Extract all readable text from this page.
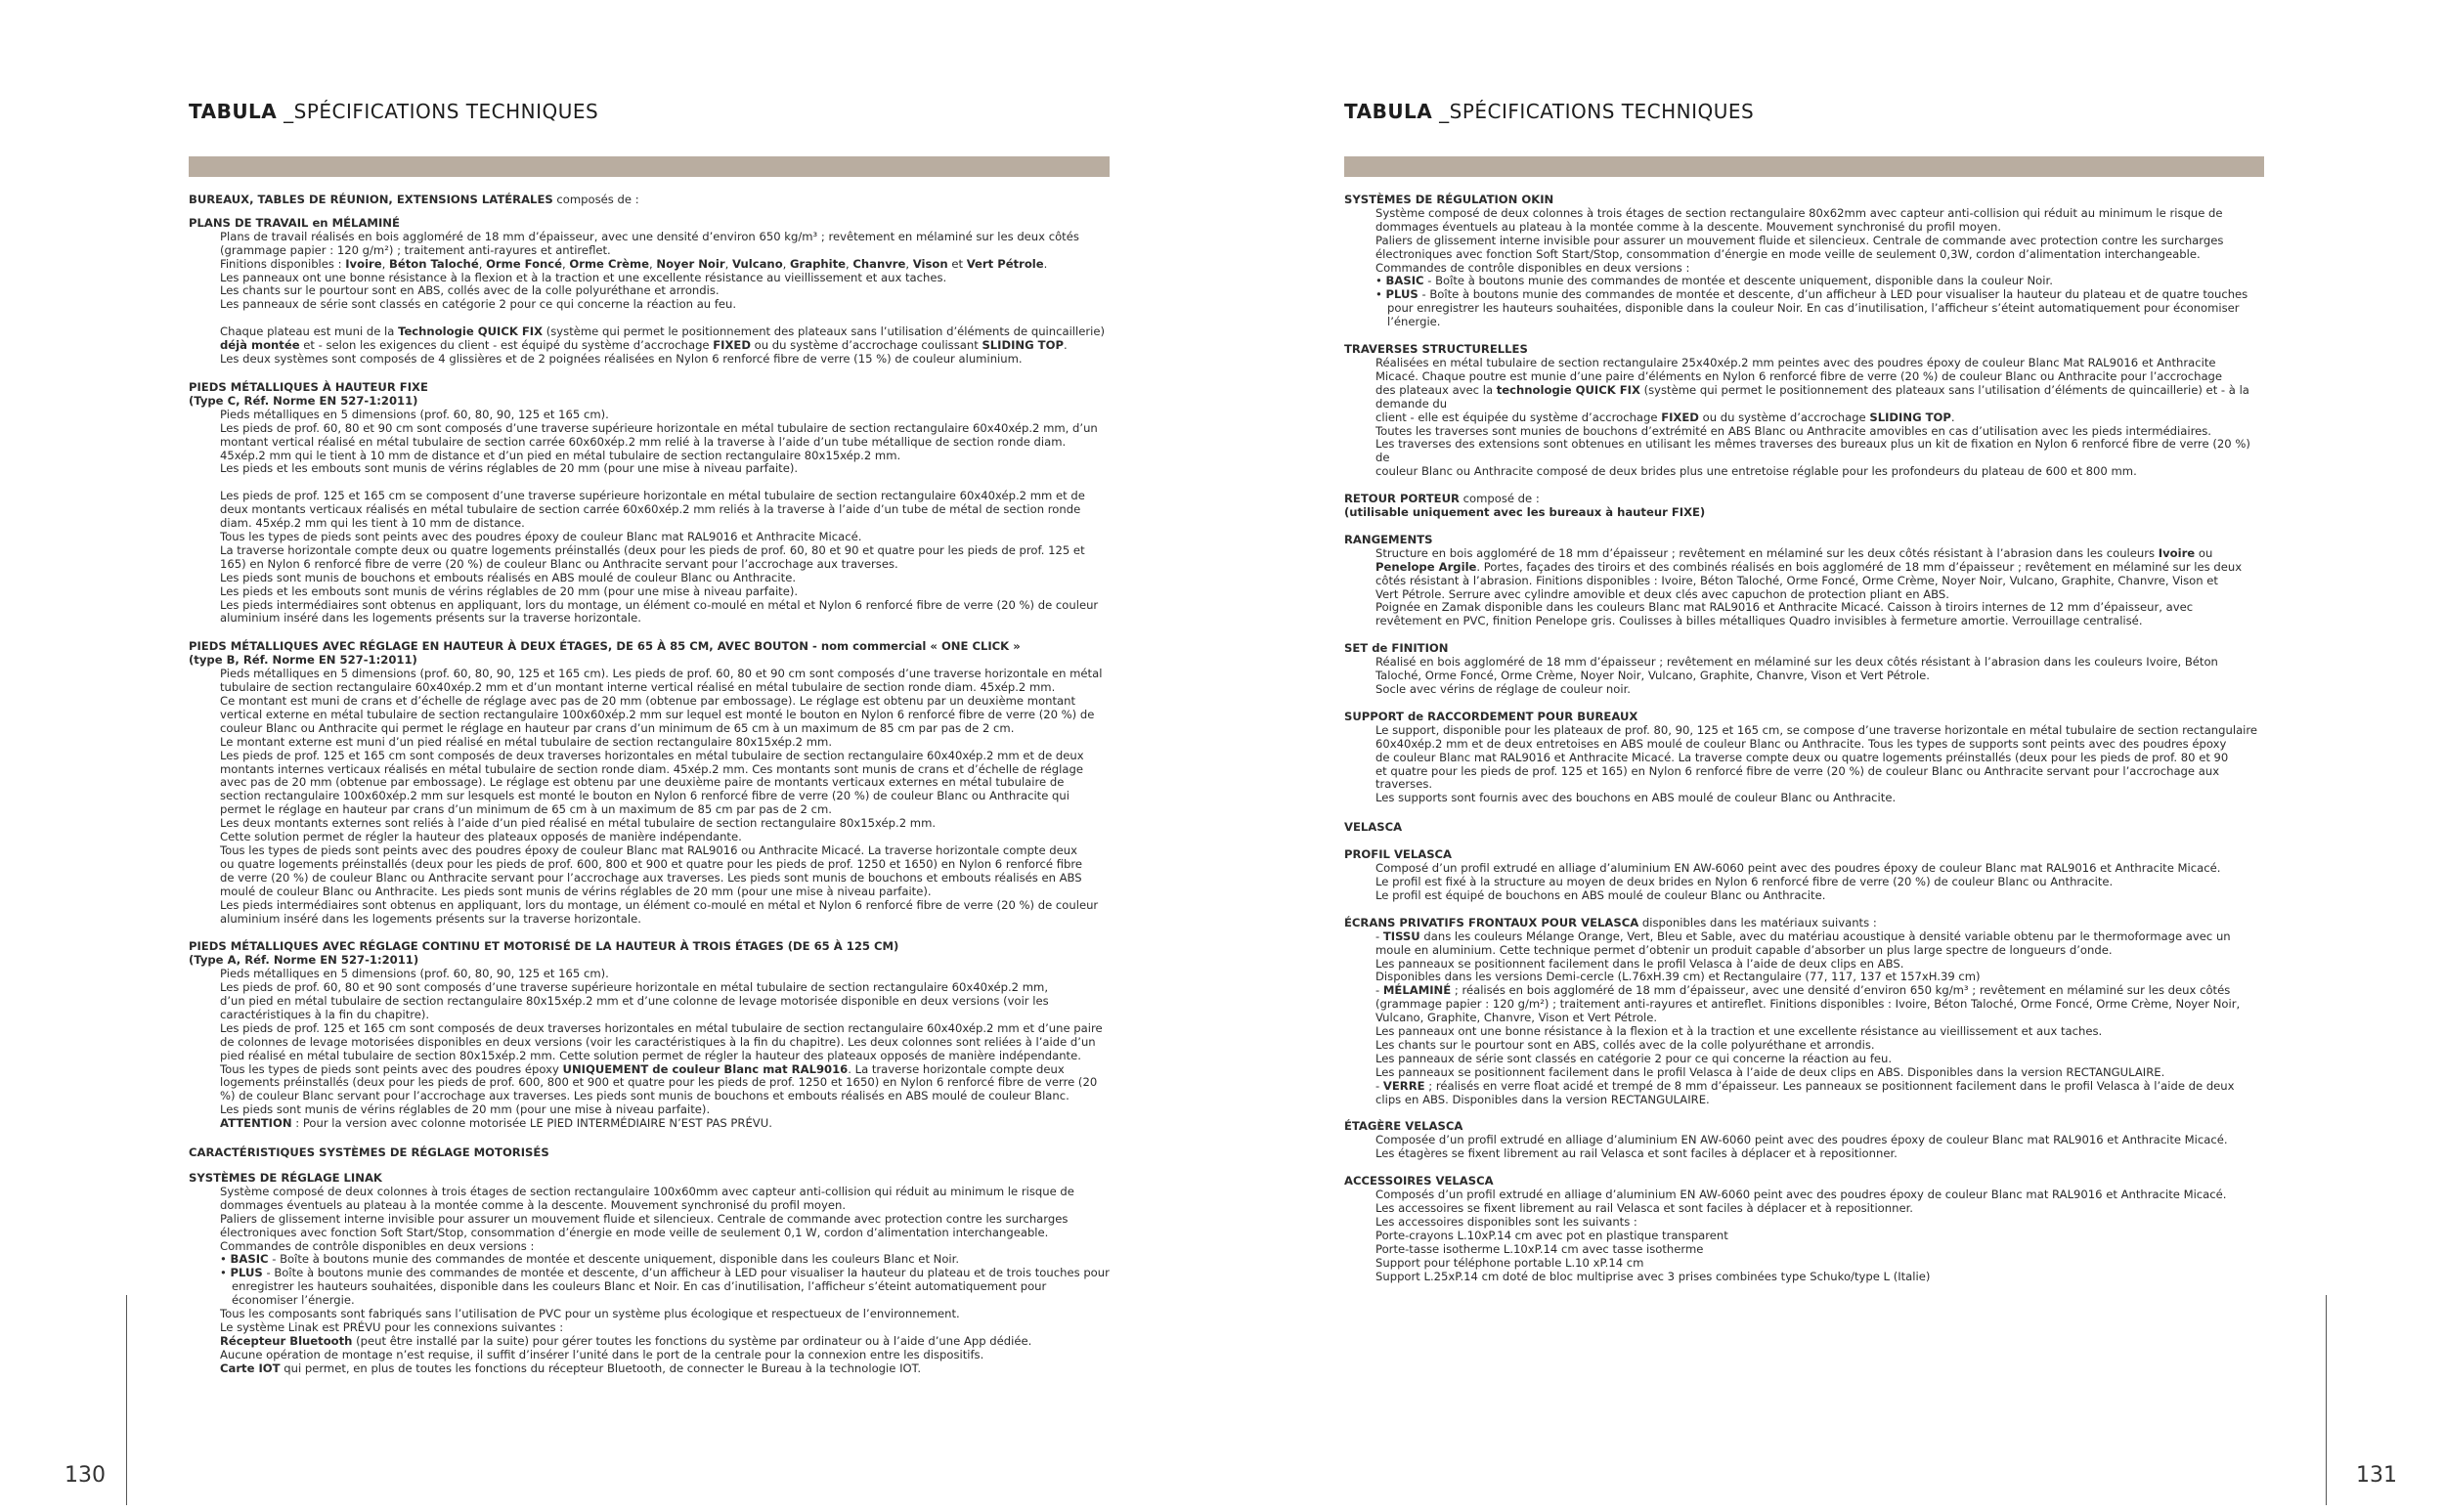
TABULA _SPÉCIFICATIONS TECHNIQUES

BUREAUX, TABLES DE RÉUNION, EXTENSIONS LATÉRALES composés de :

PLANS DE TRAVAIL en MÉLAMINÉ

Plans de travail réalisés en bois aggloméré de 18 mm d’épaisseur, avec une densité d’environ 650 kg/m³ ; revêtement en mélaminé sur les deux côtés

(grammage papier : 120 g/m²) ; traitement anti-rayures et antireflet.

Finitions disponibles : Ivoire, Béton Taloché, Orme Foncé, Orme Crème, Noyer Noir, Vulcano, Graphite, Chanvre, Vison et Vert Pétrole.

Les panneaux ont une bonne résistance à la flexion et à la traction et une excellente résistance au vieillissement et aux taches.

Les chants sur le pourtour sont en ABS, collés avec de la colle polyuréthane et arrondis.

Les panneaux de série sont classés en catégorie 2 pour ce qui concerne la réaction au feu.

Chaque plateau est muni de la Technologie QUICK FIX (système qui permet le positionnement des plateaux sans l’utilisation d’éléments de quincaillerie)

déjà montée et - selon les exigences du client - est équipé du système d’accrochage FIXED ou du système d’accrochage coulissant SLIDING TOP.

Les deux systèmes sont composés de 4 glissières et de 2 poignées réalisées en Nylon 6 renforcé fibre de verre (15 %) de couleur aluminium.

PIEDS MÉTALLIQUES À HAUTEUR FIXE

(Type C, Réf. Norme EN 527-1:2011)

Pieds métalliques en 5 dimensions (prof. 60, 80, 90, 125 et 165 cm).

Les pieds de prof. 60, 80 et 90 cm sont composés d’une traverse supérieure horizontale en métal tubulaire de section rectangulaire 60x40xép.2 mm, d’un

montant vertical réalisé en métal tubulaire de section carrée 60x60xép.2 mm relié à la traverse à l’aide d’un tube métallique de section ronde diam.

45xép.2 mm qui le tient à 10 mm de distance et d’un pied en métal tubulaire de section rectangulaire 80x15xép.2 mm.

Les pieds et les embouts sont munis de vérins réglables de 20 mm (pour une mise à niveau parfaite).

Les pieds de prof. 125 et 165 cm se composent d’une traverse supérieure horizontale en métal tubulaire de section rectangulaire 60x40xép.2 mm et de

deux montants verticaux réalisés en métal tubulaire de section carrée 60x60xép.2 mm reliés à la traverse à l’aide d’un tube de métal de section ronde

diam. 45xép.2 mm qui les tient à 10 mm de distance.

Tous les types de pieds sont peints avec des poudres époxy de couleur Blanc mat RAL9016 et Anthracite Micacé.

La traverse horizontale compte deux ou quatre logements préinstallés (deux pour les pieds de prof. 60, 80 et 90 et quatre pour les pieds de prof. 125 et

165) en Nylon 6 renforcé fibre de verre (20 %) de couleur Blanc ou Anthracite servant pour l’accrochage aux traverses.

Les pieds sont munis de bouchons et embouts réalisés en ABS moulé de couleur Blanc ou Anthracite.

Les pieds et les embouts sont munis de vérins réglables de 20 mm (pour une mise à niveau parfaite).

Les pieds intermédiaires sont obtenus en appliquant, lors du montage, un élément co-moulé en métal et Nylon 6 renforcé fibre de verre (20 %) de couleur

aluminium inséré dans les logements présents sur la traverse horizontale.

PIEDS MÉTALLIQUES AVEC RÉGLAGE EN HAUTEUR À DEUX ÉTAGES, DE 65 À 85 CM, AVEC BOUTON - nom commercial « ONE CLICK »

(type B, Réf. Norme EN 527-1:2011)

Pieds métalliques en 5 dimensions (prof. 60, 80, 90, 125 et 165 cm). Les pieds de prof. 60, 80 et 90 cm sont composés d’une traverse horizontale en métal

tubulaire de section rectangulaire 60x40xép.2 mm et d’un montant interne vertical réalisé en métal tubulaire de section ronde diam. 45xép.2 mm.

Ce montant est muni de crans et d’échelle de réglage avec pas de 20 mm (obtenue par embossage). Le réglage est obtenu par un deuxième montant

vertical externe en métal tubulaire de section rectangulaire 100x60xép.2 mm sur lequel est monté le bouton en Nylon 6 renforcé fibre de verre (20 %) de

couleur Blanc ou Anthracite qui permet le réglage en hauteur par crans d’un minimum de 65 cm à un maximum de 85 cm par pas de 2 cm.

Le montant externe est muni d’un pied réalisé en métal tubulaire de section rectangulaire 80x15xép.2 mm.

Les pieds de prof. 125 et 165 cm sont composés de deux traverses horizontales en métal tubulaire de section rectangulaire 60x40xép.2 mm et de deux

montants internes verticaux réalisés en métal tubulaire de section ronde diam. 45xép.2 mm. Ces montants sont munis de crans et d’échelle de réglage

avec pas de 20 mm (obtenue par embossage). Le réglage est obtenu par une deuxième paire de montants verticaux externes en métal tubulaire de

section rectangulaire 100x60xép.2 mm sur lesquels est monté le bouton en Nylon 6 renforcé fibre de verre (20 %) de couleur Blanc ou Anthracite qui

permet le réglage en hauteur par crans d’un minimum de 65 cm à un maximum de 85 cm par pas de 2 cm.

Les deux montants externes sont reliés à l’aide d’un pied réalisé en métal tubulaire de section rectangulaire 80x15xép.2 mm.

Cette solution permet de régler la hauteur des plateaux opposés de manière indépendante.

Tous les types de pieds sont peints avec des poudres époxy de couleur Blanc mat RAL9016 ou Anthracite Micacé. La traverse horizontale compte deux

ou quatre logements préinstallés (deux pour les pieds de prof. 600, 800 et 900 et quatre pour les pieds de prof. 1250 et 1650) en Nylon 6 renforcé fibre

de verre (20 %) de couleur Blanc ou Anthracite servant pour l’accrochage aux traverses. Les pieds sont munis de bouchons et embouts réalisés en ABS

moulé de couleur Blanc ou Anthracite. Les pieds sont munis de vérins réglables de 20 mm (pour une mise à niveau parfaite).

Les pieds intermédiaires sont obtenus en appliquant, lors du montage, un élément co-moulé en métal et Nylon 6 renforcé fibre de verre (20 %) de couleur

aluminium inséré dans les logements présents sur la traverse horizontale.

PIEDS MÉTALLIQUES AVEC RÉGLAGE CONTINU ET MOTORISÉ DE LA HAUTEUR À TROIS ÉTAGES (DE 65 À 125 CM)

(Type A, Réf. Norme EN 527-1:2011)

Pieds métalliques en 5 dimensions (prof. 60, 80, 90, 125 et 165 cm).

Les pieds de prof. 60, 80 et 90 sont composés d’une traverse supérieure horizontale en métal tubulaire de section rectangulaire 60x40xép.2 mm,

d’un pied en métal tubulaire de section rectangulaire 80x15xép.2 mm et d’une colonne de levage motorisée disponible en deux versions (voir les

caractéristiques à la fin du chapitre).

Les pieds de prof. 125 et 165 cm sont composés de deux traverses horizontales en métal tubulaire de section rectangulaire 60x40xép.2 mm et d’une paire

de colonnes de levage motorisées disponibles en deux versions (voir les caractéristiques à la fin du chapitre). Les deux colonnes sont reliées à l’aide d’un

pied réalisé en métal tubulaire de section 80x15xép.2 mm. Cette solution permet de régler la hauteur des plateaux opposés de manière indépendante.

Tous les types de pieds sont peints avec des poudres époxy UNIQUEMENT de couleur Blanc mat RAL9016. La traverse horizontale compte deux

logements préinstallés (deux pour les pieds de prof. 600, 800 et 900 et quatre pour les pieds de prof. 1250 et 1650) en Nylon 6 renforcé fibre de verre (20

%) de couleur Blanc servant pour l’accrochage aux traverses. Les pieds sont munis de bouchons et embouts réalisés en ABS moulé de couleur Blanc.

Les pieds sont munis de vérins réglables de 20 mm (pour une mise à niveau parfaite).

ATTENTION : Pour la version avec colonne motorisée LE PIED INTERMÉDIAIRE N’EST PAS PRÉVU.

CARACTÉRISTIQUES SYSTÈMES DE RÉGLAGE MOTORISÉS

SYSTÈMES DE RÉGLAGE LINAK

Système composé de deux colonnes à trois étages de section rectangulaire 100x60mm avec capteur anti-collision qui réduit au minimum le risque de

dommages éventuels au plateau à la montée comme à la descente. Mouvement synchronisé du profil moyen.

Paliers de glissement interne invisible pour assurer un mouvement fluide et silencieux. Centrale de commande avec protection contre les surcharges

électroniques avec fonction Soft Start/Stop, consommation d’énergie en mode veille de seulement 0,1 W, cordon d’alimentation interchangeable.

Commandes de contrôle disponibles en deux versions :

• BASIC - Boîte à boutons munie des commandes de montée et descente uniquement, disponible dans les couleurs Blanc et Noir.

• PLUS - Boîte à boutons munie des commandes de montée et descente, d’un afficheur à LED pour visualiser la hauteur du plateau et de trois touches pour enregistrer les hauteurs souhaitées, disponible dans les couleurs Blanc et Noir. En cas d’inutilisation, l’afficheur s’éteint automatiquement pour économiser l’énergie.

Tous les composants sont fabriqués sans l’utilisation de PVC pour un système plus écologique et respectueux de l’environnement.

Le système Linak est PRÉVU pour les connexions suivantes :

Récepteur Bluetooth (peut être installé par la suite) pour gérer toutes les fonctions du système par ordinateur ou à l’aide d’une App dédiée.

Aucune opération de montage n’est requise, il suffit d’insérer l’unité dans le port de la centrale pour la connexion entre les dispositifs.

Carte IOT qui permet, en plus de toutes les fonctions du récepteur Bluetooth, de connecter le Bureau à la technologie IOT.

130
TABULA _SPÉCIFICATIONS TECHNIQUES

SYSTÈMES DE RÉGULATION OKIN

Système composé de deux colonnes à trois étages de section rectangulaire 80x62mm avec capteur anti-collision qui réduit au minimum le risque de

dommages éventuels au plateau à la montée comme à la descente. Mouvement synchronisé du profil moyen.

Paliers de glissement interne invisible pour assurer un mouvement fluide et silencieux. Centrale de commande avec protection contre les surcharges

électroniques avec fonction Soft Start/Stop, consommation d’énergie en mode veille de seulement 0,3W, cordon d’alimentation interchangeable.

Commandes de contrôle disponibles en deux versions :

• BASIC - Boîte à boutons munie des commandes de montée et descente uniquement, disponible dans la couleur Noir.

• PLUS - Boîte à boutons munie des commandes de montée et descente, d’un afficheur à LED pour visualiser la hauteur du plateau et de quatre touches pour enregistrer les hauteurs souhaitées, disponible dans la couleur Noir. En cas d’inutilisation, l’afficheur s’éteint automatiquement pour économiser l’énergie.

TRAVERSES STRUCTURELLES

Réalisées en métal tubulaire de section rectangulaire 25x40xép.2 mm peintes avec des poudres époxy de couleur Blanc Mat RAL9016 et Anthracite

Micacé. Chaque poutre est munie d’une paire d’éléments en Nylon 6 renforcé fibre de verre (20 %) de couleur Blanc ou Anthracite pour l’accrochage

des plateaux avec la technologie QUICK FIX (système qui permet le positionnement des plateaux sans l’utilisation d’éléments de quincaillerie) et - à la demande du

client - elle est équipée du système d’accrochage FIXED ou du système d’accrochage SLIDING TOP.

Toutes les traverses sont munies de bouchons d’extrémité en ABS Blanc ou Anthracite amovibles en cas d’utilisation avec les pieds intermédiaires.

Les traverses des extensions sont obtenues en utilisant les mêmes traverses des bureaux plus un kit de fixation en Nylon 6 renforcé fibre de verre (20 %) de

couleur Blanc ou Anthracite composé de deux brides plus une entretoise réglable pour les profondeurs du plateau de 600 et 800 mm.

RETOUR PORTEUR composé de :

(utilisable uniquement avec les bureaux à hauteur FIXE)

RANGEMENTS

Structure en bois aggloméré de 18 mm d’épaisseur ; revêtement en mélaminé sur les deux côtés résistant à l’abrasion dans les couleurs Ivoire ou

Penelope Argile. Portes, façades des tiroirs et des combinés réalisés en bois aggloméré de 18 mm d’épaisseur ; revêtement en mélaminé sur les deux

côtés résistant à l’abrasion. Finitions disponibles : Ivoire, Béton Taloché, Orme Foncé, Orme Crème, Noyer Noir, Vulcano, Graphite, Chanvre, Vison et

Vert Pétrole. Serrure avec cylindre amovible et deux clés avec capuchon de protection pliant en ABS.

Poignée en Zamak disponible dans les couleurs Blanc mat RAL9016 et Anthracite Micacé. Caisson à tiroirs internes de 12 mm d’épaisseur, avec

revêtement en PVC, finition Penelope gris. Coulisses à billes métalliques Quadro invisibles à fermeture amortie. Verrouillage centralisé.

SET de FINITION

Réalisé en bois aggloméré de 18 mm d’épaisseur ; revêtement en mélaminé sur les deux côtés résistant à l’abrasion dans les couleurs Ivoire, Béton

Taloché, Orme Foncé, Orme Crème, Noyer Noir, Vulcano, Graphite, Chanvre, Vison et Vert Pétrole.

Socle avec vérins de réglage de couleur noir.

SUPPORT de RACCORDEMENT POUR BUREAUX

Le support, disponible pour les plateaux de prof. 80, 90, 125 et 165 cm, se compose d’une traverse horizontale en métal tubulaire de section rectangulaire

60x40xép.2 mm et de deux entretoises en ABS moulé de couleur Blanc ou Anthracite. Tous les types de supports sont peints avec des poudres époxy

de couleur Blanc mat RAL9016 et Anthracite Micacé. La traverse compte deux ou quatre logements préinstallés (deux pour les pieds de prof. 80 et 90

et quatre pour les pieds de prof. 125 et 165) en Nylon 6 renforcé fibre de verre (20 %) de couleur Blanc ou Anthracite servant pour l’accrochage aux

traverses.

Les supports sont fournis avec des bouchons en ABS moulé de couleur Blanc ou Anthracite.

VELASCA

PROFIL VELASCA

Composé d’un profil extrudé en alliage d’aluminium EN AW-6060 peint avec des poudres époxy de couleur Blanc mat RAL9016 et Anthracite Micacé.

Le profil est fixé à la structure au moyen de deux brides en Nylon 6 renforcé fibre de verre (20 %) de couleur Blanc ou Anthracite.

Le profil est équipé de bouchons en ABS moulé de couleur Blanc ou Anthracite.

ÉCRANS PRIVATIFS FRONTAUX POUR VELASCA disponibles dans les matériaux suivants :

- TISSU dans les couleurs Mélange Orange, Vert, Bleu et Sable, avec du matériau acoustique à densité variable obtenu par le thermoformage avec un

moule en aluminium. Cette technique permet d’obtenir un produit capable d’absorber un plus large spectre de longueurs d’onde.

Les panneaux se positionnent facilement dans le profil Velasca à l’aide de deux clips en ABS.

Disponibles dans les versions Demi-cercle (L.76xH.39 cm) et Rectangulaire (77, 117, 137 et 157xH.39 cm)

- MÉLAMINÉ ; réalisés en bois aggloméré de 18 mm d’épaisseur, avec une densité d’environ 650 kg/m³ ; revêtement en mélaminé sur les deux côtés

(grammage papier : 120 g/m²) ; traitement anti-rayures et antireflet. Finitions disponibles : Ivoire, Béton Taloché, Orme Foncé, Orme Crème, Noyer Noir,

Vulcano, Graphite, Chanvre, Vison et Vert Pétrole.

Les panneaux ont une bonne résistance à la flexion et à la traction et une excellente résistance au vieillissement et aux taches.

Les chants sur le pourtour sont en ABS, collés avec de la colle polyuréthane et arrondis.

Les panneaux de série sont classés en catégorie 2 pour ce qui concerne la réaction au feu.

Les panneaux se positionnent facilement dans le profil Velasca à l’aide de deux clips en ABS. Disponibles dans la version RECTANGULAIRE.

- VERRE ; réalisés en verre float acidé et trempé de 8 mm d’épaisseur. Les panneaux se positionnent facilement dans le profil Velasca à l’aide de deux

clips en ABS. Disponibles dans la version RECTANGULAIRE.

ÉTAGÈRE VELASCA

Composée d’un profil extrudé en alliage d’aluminium EN AW-6060 peint avec des poudres époxy de couleur Blanc mat RAL9016 et Anthracite Micacé.

Les étagères se fixent librement au rail Velasca et sont faciles à déplacer et à repositionner.

ACCESSOIRES VELASCA

Composés d’un profil extrudé en alliage d’aluminium EN AW-6060 peint avec des poudres époxy de couleur Blanc mat RAL9016 et Anthracite Micacé.

Les accessoires se fixent librement au rail Velasca et sont faciles à déplacer et à repositionner.

Les accessoires disponibles sont les suivants :

Porte-crayons L.10xP.14 cm avec pot en plastique transparent

Porte-tasse isotherme L.10xP.14 cm avec tasse isotherme

Support pour téléphone portable L.10 xP.14 cm

Support L.25xP.14 cm doté de bloc multiprise avec 3 prises combinées type Schuko/type L (Italie)

131
